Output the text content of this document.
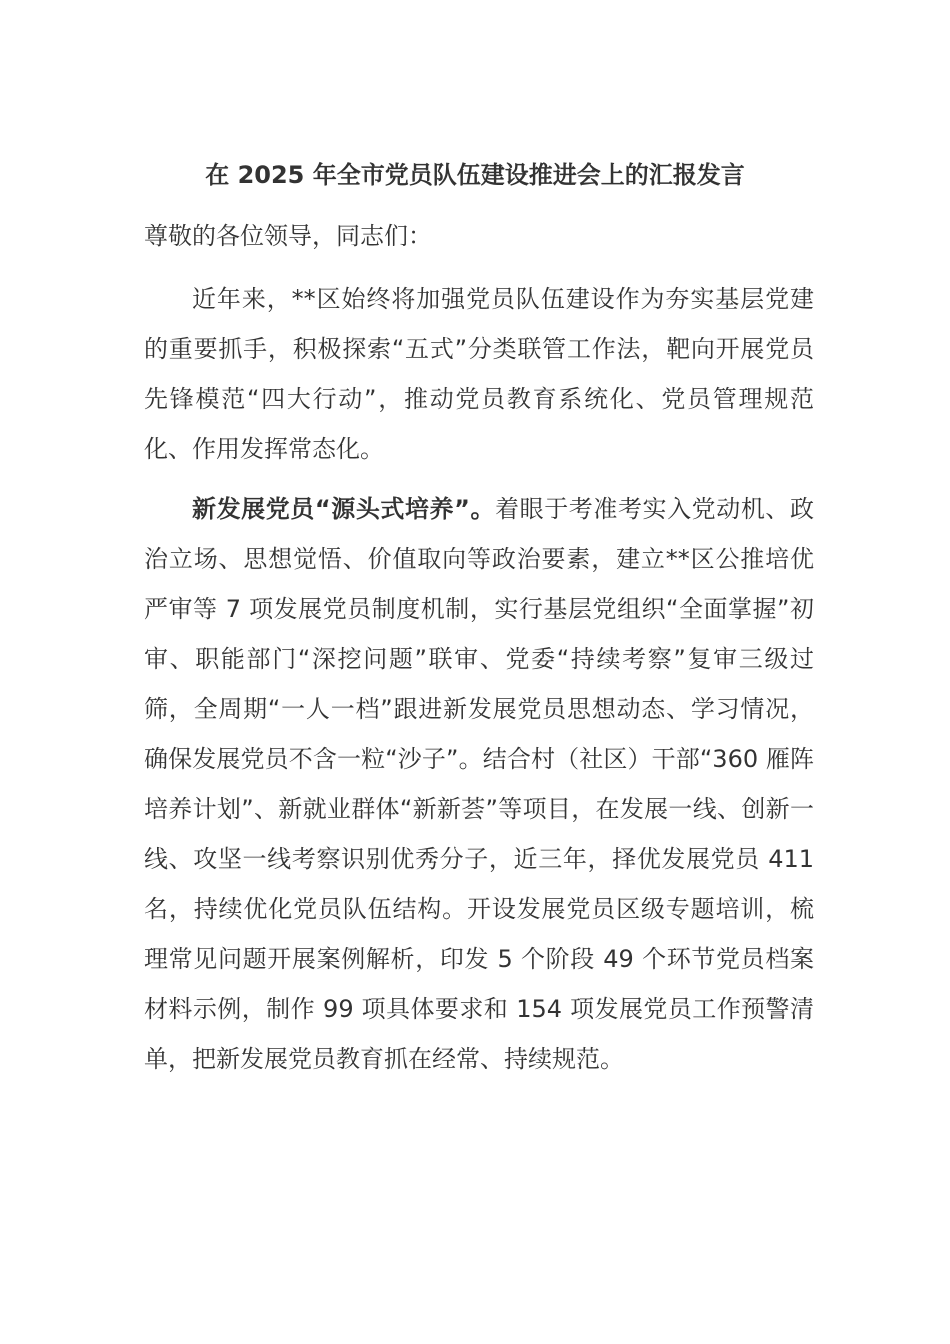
在 2025 年全市党员队伍建设推进会上的汇报发言
尊敬的各位领导，同志们：
近年来，**区始终将加强党员队伍建设作为夯实基层党建的重要抓手，积极探索“五式”分类联管工作法，靶向开展党员先锋模范“四大行动”，推动党员教育系统化、党员管理规范化、作用发挥常态化。
新发展党员“源头式培养”。着眼于考准考实入党动机、政治立场、思想觉悟、价值取向等政治要素，建立**区公推培优严审等 7 项发展党员制度机制，实行基层党组织“全面掌握”初审、职能部门“深挖问题”联审、党委“持续考察”复审三级过筛，全周期“一人一档”跟进新发展党员思想动态、学习情况，确保发展党员不含一粒“沙子”。结合村（社区）干部“360 雁阵培养计划”、新就业群体“新新荟”等项目，在发展一线、创新一线、攻坚一线考察识别优秀分子，近三年，择优发展党员 411 名，持续优化党员队伍结构。开设发展党员区级专题培训，梳理常见问题开展案例解析，印发 5 个阶段 49 个环节党员档案材料示例，制作 99 项具体要求和 154 项发展党员工作预警清单，把新发展党员教育抓在经常、持续规范。
